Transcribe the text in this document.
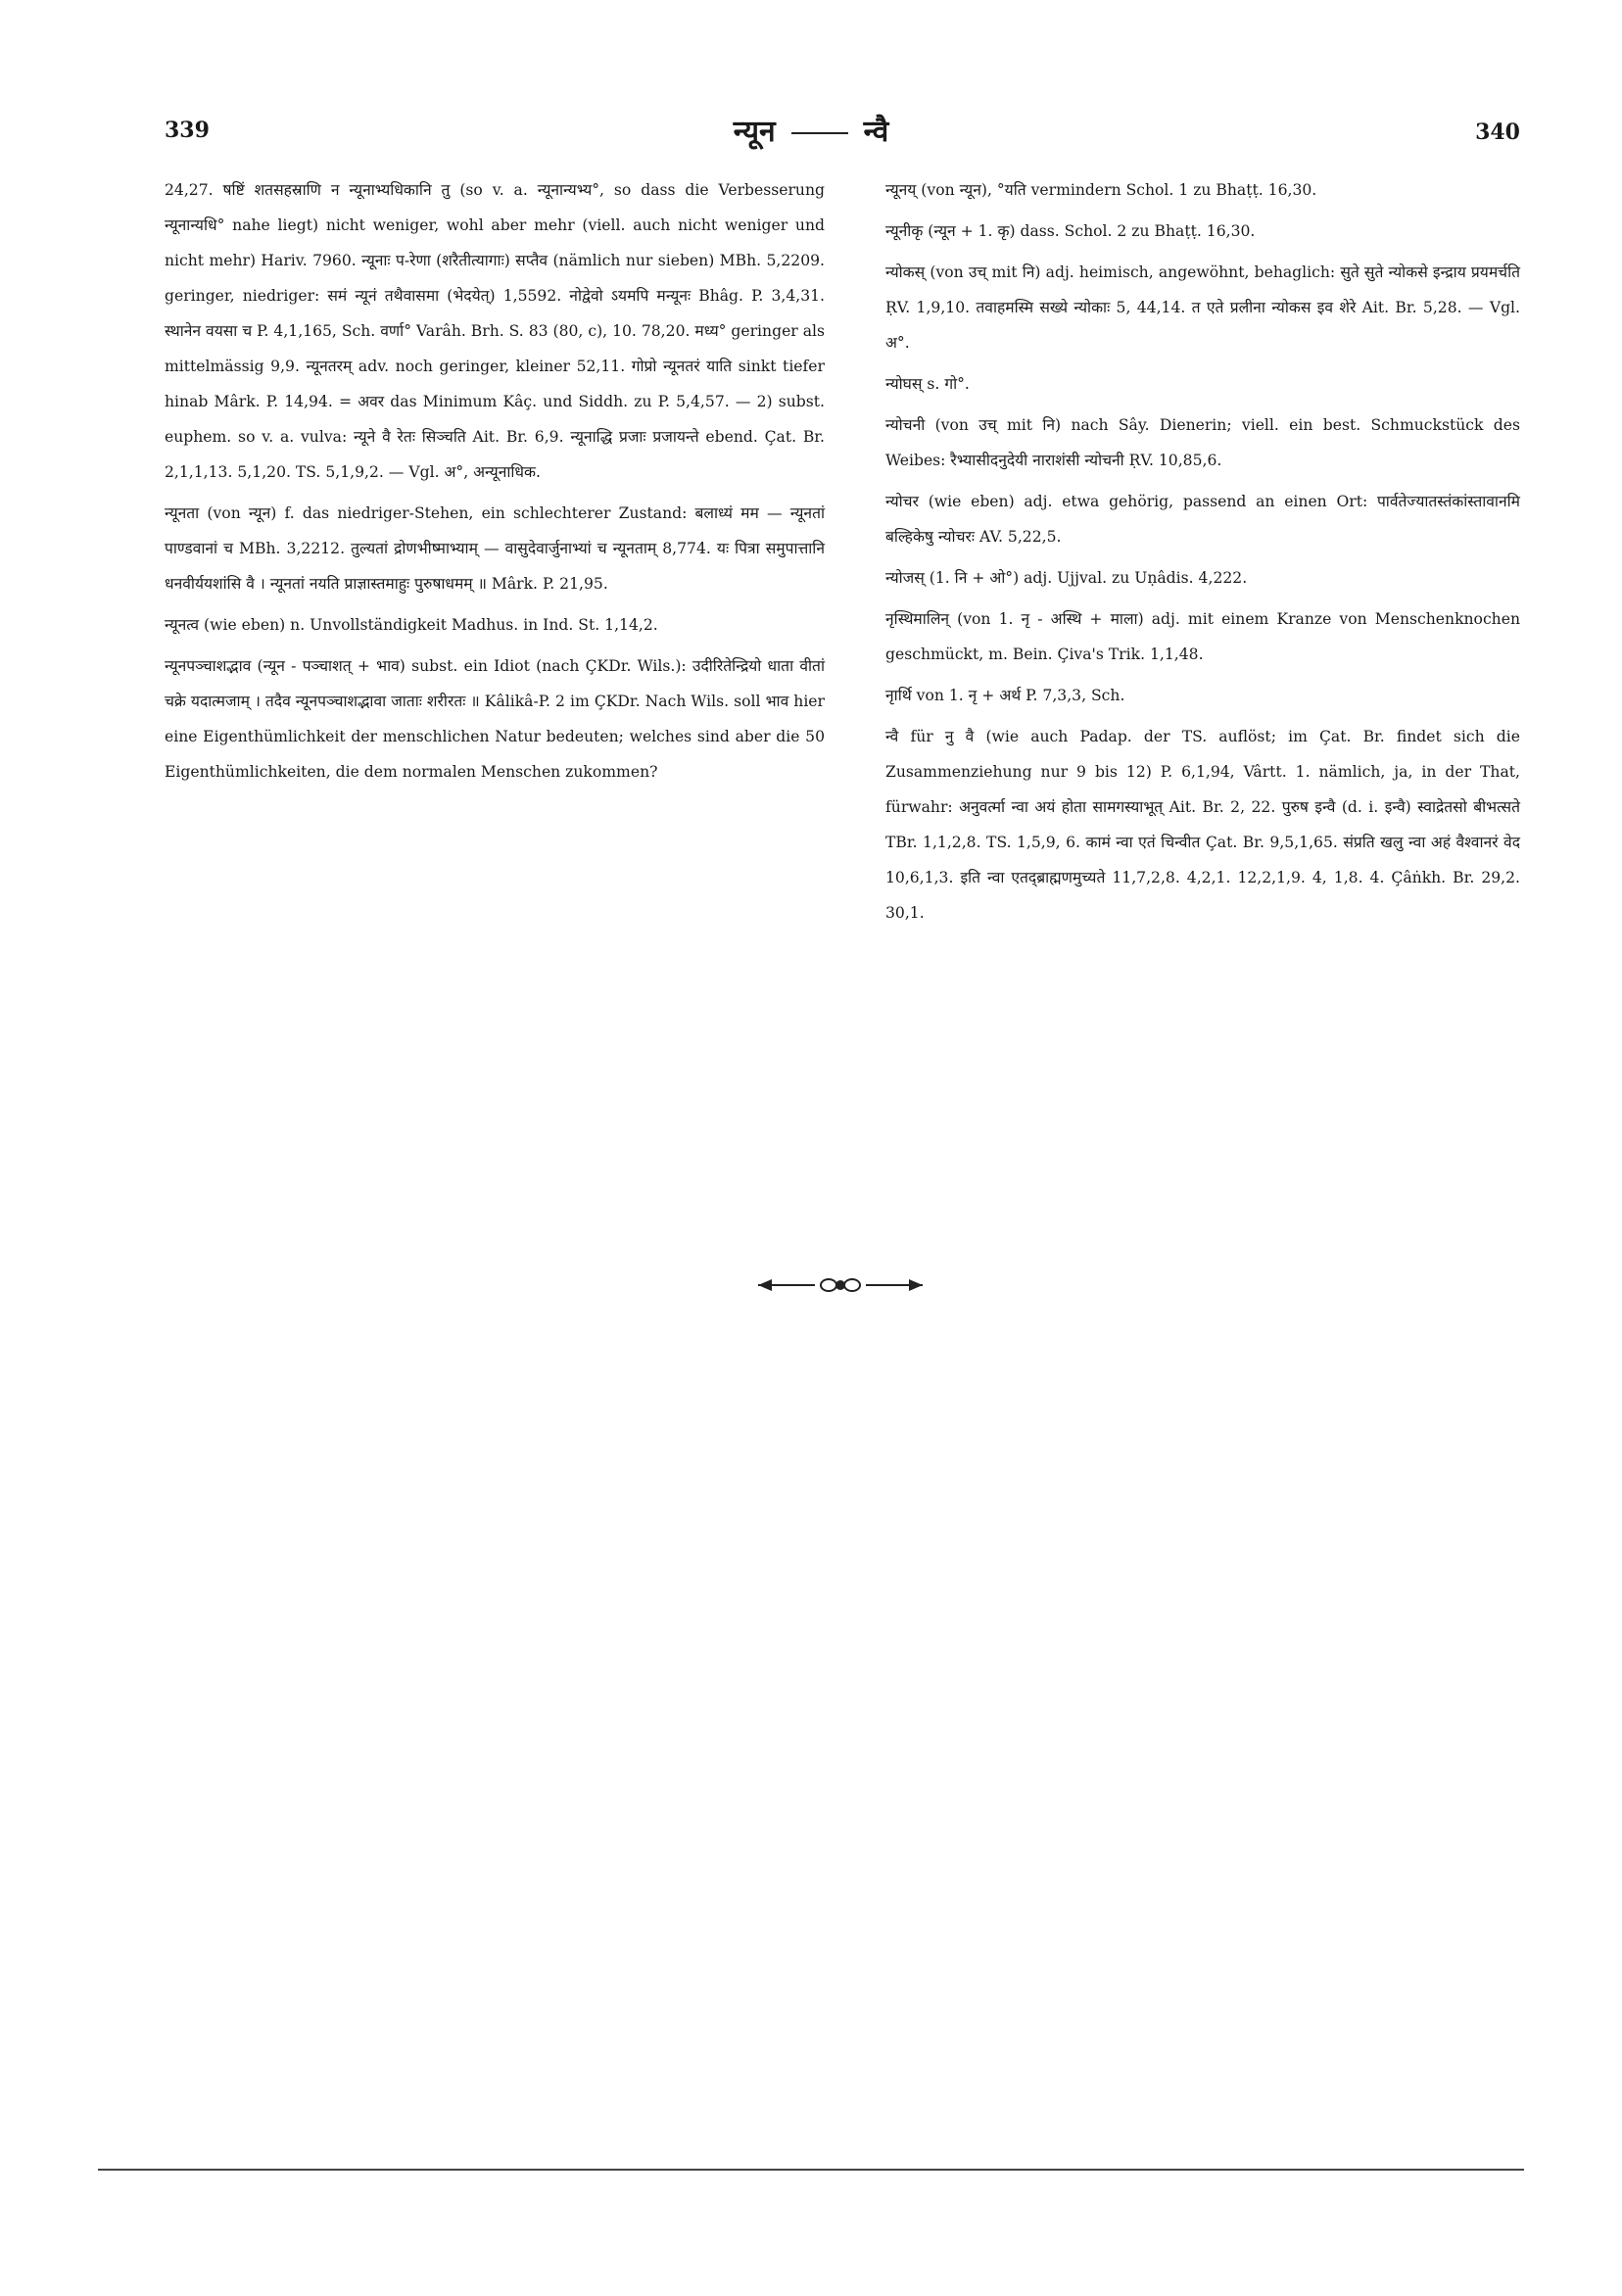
339	न्यून	न्वै	340

24,27. षष्टिं शतसहस्राणि न न्यूनाभ्यधिकानि तु (so v. a. न्यूनान्यभ्य°, so dass die Verbesserung न्यूनान्यधि° nahe liegt) nicht weniger, wohl aber mehr (viell. auch nicht weniger und nicht mehr) Hariv. 7960. न्यूनाः प-रेणा (शरैतीत्यागाः) सप्तैव (nämlich nur sieben) MBh. 5,2209. geringer, niedriger: समं न्यूनं तथैवासमा (भेदयेत्) 1,5592. नोद्वेवो ऽयमपि मन्यूनः Bhâg. P. 3,4,31. स्थानेन वयसा च P. 4,1,165, Sch. वर्णा° Varâh. Brh. S. 83 (80, c), 10. 78,20. मध्य° geringer als mittelmässig 9,9. न्यूनतरम् adv. noch geringer, kleiner 52,11. गोप्रो न्यूनतरं याति sinkt tiefer hinab Mârk. P. 14,94. = अवर das Minimum Kâç. und Siddh. zu P. 5,4,57. — 2) subst. euphem. so v. a. vulva: न्यूने वै रेतः सिञ्चति Ait. Br. 6,9. न्यूनाद्धि प्रजाः प्रजायन्ते ebend. Çat. Br. 2,1,1,13. 5,1,20. TS. 5,1,9,2. — Vgl. अ°, अन्यूनाधिक.

न्यूनता (von न्यून) f. das niedriger-Stehen, ein schlechterer Zustand: बलाध्यं मम — न्यूनतां पाण्डवानां च MBh. 3,2212. तुल्यतां द्रोणभीष्माभ्याम् — वासुदेवार्जुनाभ्यां च न्यूनताम् 8,774. यः पित्रा समुपात्तानि धनवीर्ययशांसि वै । न्यूनतां नयति प्राज्ञास्तमाहुः पुरुषाधमम् ॥ Mârk. P. 21,95.

न्यूनत्व (wie eben) n. Unvollständigkeit Madhus. in Ind. St. 1,14,2.

न्यूनपञ्चाशद्भाव (न्यून - पञ्चाशत् + भाव) subst. ein Idiot (nach ÇKDr. Wils.): उदीरितेन्द्रियो धाता वीतां चक्रे यदात्मजाम् । तदैव न्यूनपञ्चाशद्भावा जाताः शरीरतः ॥ Kâlikâ-P. 2 im ÇKDr. Nach Wils. soll भाव hier eine Eigenthümlichkeit der menschlichen Natur bedeuten; welches sind aber die 50 Eigenthümlichkeiten, die dem normalen Menschen zukommen?

न्यूनय् (von न्यून), °यति vermindern Schol. 1 zu Bhaṭṭ. 16,30.

न्यूनीकृ (न्यून + 1. कृ) dass. Schol. 2 zu Bhaṭṭ. 16,30.

न्योकस् (von उच् mit नि) adj. heimisch, angewöhnt, behaglich: सुते सुते न्योकसे इन्द्राय प्रयमर्चति ṚV. 1,9,10. तवाहमस्मि सख्ये न्योकाः 5, 44,14. त एते प्रलीना न्योकस इव शेरे Ait. Br. 5,28. — Vgl. अ°.

न्योघस् s. गो°.

न्योचनी (von उच् mit नि) nach Sây. Dienerin; viell. ein best. Schmuckstück des Weibes: रैभ्यासीदनुदेयी नाराशंसी न्योचनी ṚV. 10,85,6.

न्योचर (wie eben) adj. etwa gehörig, passend an einen Ort: पार्वतेज्यातस्तंकांस्तावानमि बल्हिकेषु न्योचरः AV. 5,22,5.

न्योजस् (1. नि + ओ°) adj. Ujjval. zu Uṇâdis. 4,222.

नृस्थिमालिन् (von 1. नृ - अस्थि + माला) adj. mit einem Kranze von Menschenknochen geschmückt, m. Bein. Çiva's Trik. 1,1,48.

नृार्थि von 1. नृ + अर्थ P. 7,3,3, Sch.

न्वै für नु वै (wie auch Padap. der TS. auflöst; im Çat. Br. findet sich die Zusammenziehung nur 9 bis 12) P. 6,1,94, Vârtt. 1. nämlich, ja, in der That, fürwahr: अनुवर्त्मा न्वा अयं होता सामगस्याभूत् Ait. Br. 2, 22. पुरुष इन्वै (d. i. इन्वै) स्वाद्रेतसो बीभत्सते TBr. 1,1,2,8. TS. 1,5,9, 6. कामं न्वा एतं चिन्वीत Çat. Br. 9,5,1,65. संप्रति खलु न्वा अहं वैश्वानरं वेद 10,6,1,3. इति न्वा एतद्ब्राह्मणमुच्यते 11,7,2,8. 4,2,1. 12,2,1,9. 4, 1,8. 4. Çâṅkh. Br. 29,2. 30,1.
